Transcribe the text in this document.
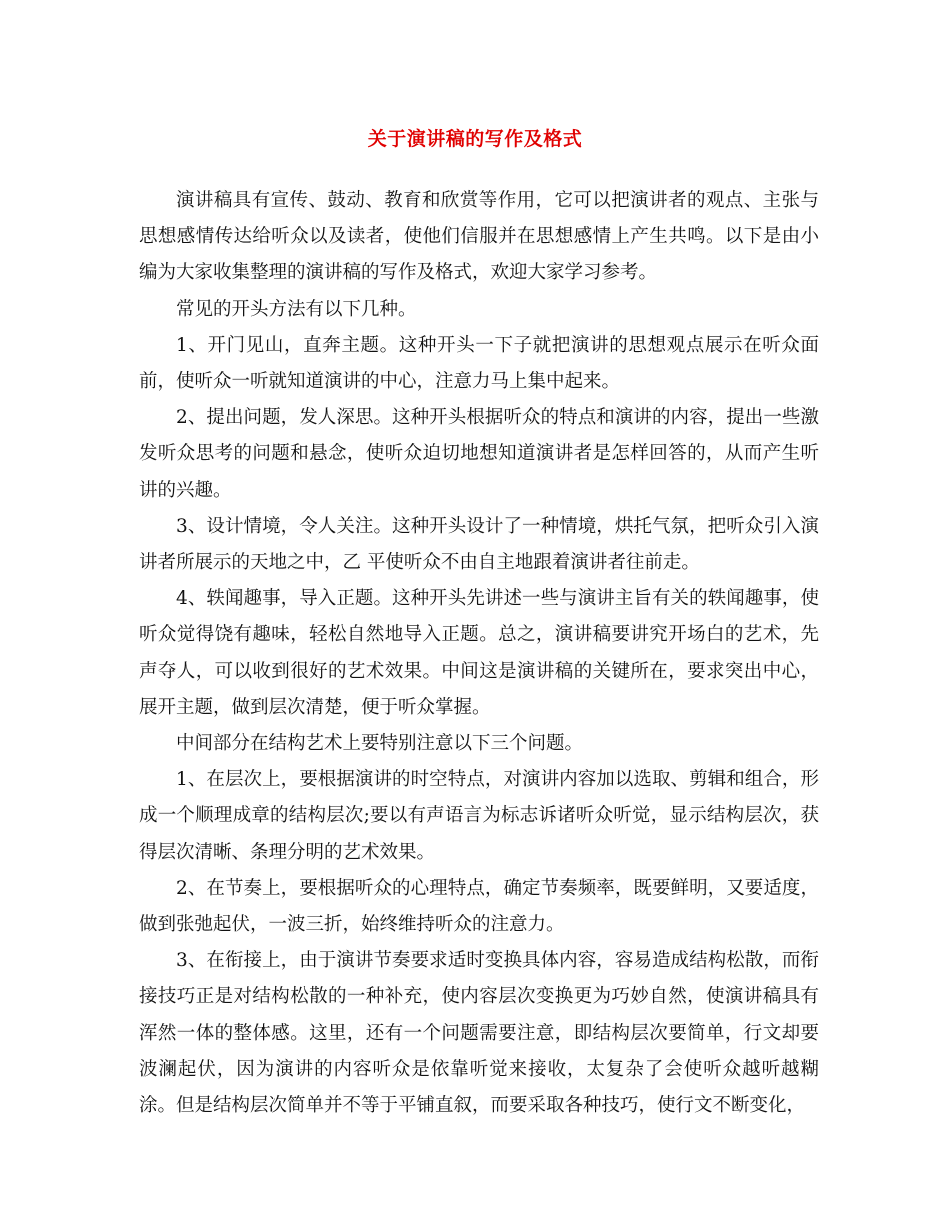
关于演讲稿的写作及格式

演讲稿具有宣传、鼓动、教育和欣赏等作用，它可以把演讲者的观点、主张与思想感情传达给听众以及读者，使他们信服并在思想感情上产生共鸣。以下是由小编为大家收集整理的演讲稿的写作及格式，欢迎大家学习参考。

常见的开头方法有以下几种。

1、开门见山，直奔主题。这种开头一下子就把演讲的思想观点展示在听众面前，使听众一听就知道演讲的中心，注意力马上集中起来。

2、提出问题，发人深思。这种开头根据听众的特点和演讲的内容，提出一些激发听众思考的问题和悬念，使听众迫切地想知道演讲者是怎样回答的，从而产生听讲的兴趣。

3、设计情境，令人关注。这种开头设计了一种情境，烘托气氛，把听众引入演讲者所展示的天地之中，乙 平使听众不由自主地跟着演讲者往前走。

4、轶闻趣事，导入正题。这种开头先讲述一些与演讲主旨有关的轶闻趣事，使听众觉得饶有趣味，轻松自然地导入正题。总之，演讲稿要讲究开场白的艺术，先声夺人，可以收到很好的艺术效果。中间这是演讲稿的关键所在，要求突出中心，展开主题，做到层次清楚，便于听众掌握。

中间部分在结构艺术上要特别注意以下三个问题。

1、在层次上，要根据演讲的时空特点，对演讲内容加以选取、剪辑和组合，形成一个顺理成章的结构层次;要以有声语言为标志诉诸听众听觉，显示结构层次，获得层次清晰、条理分明的艺术效果。

2、在节奏上，要根据听众的心理特点，确定节奏频率，既要鲜明，又要适度，做到张弛起伏，一波三折，始终维持听众的注意力。

3、在衔接上，由于演讲节奏要求适时变换具体内容，容易造成结构松散，而衔接技巧正是对结构松散的一种补充，使内容层次变换更为巧妙自然，使演讲稿具有浑然一体的整体感。这里，还有一个问题需要注意，即结构层次要简单，行文却要波澜起伏，因为演讲的内容听众是依靠听觉来接收，太复杂了会使听众越听越糊涂。但是结构层次简单并不等于平铺直叙，而要采取各种技巧，使行文不断变化，
